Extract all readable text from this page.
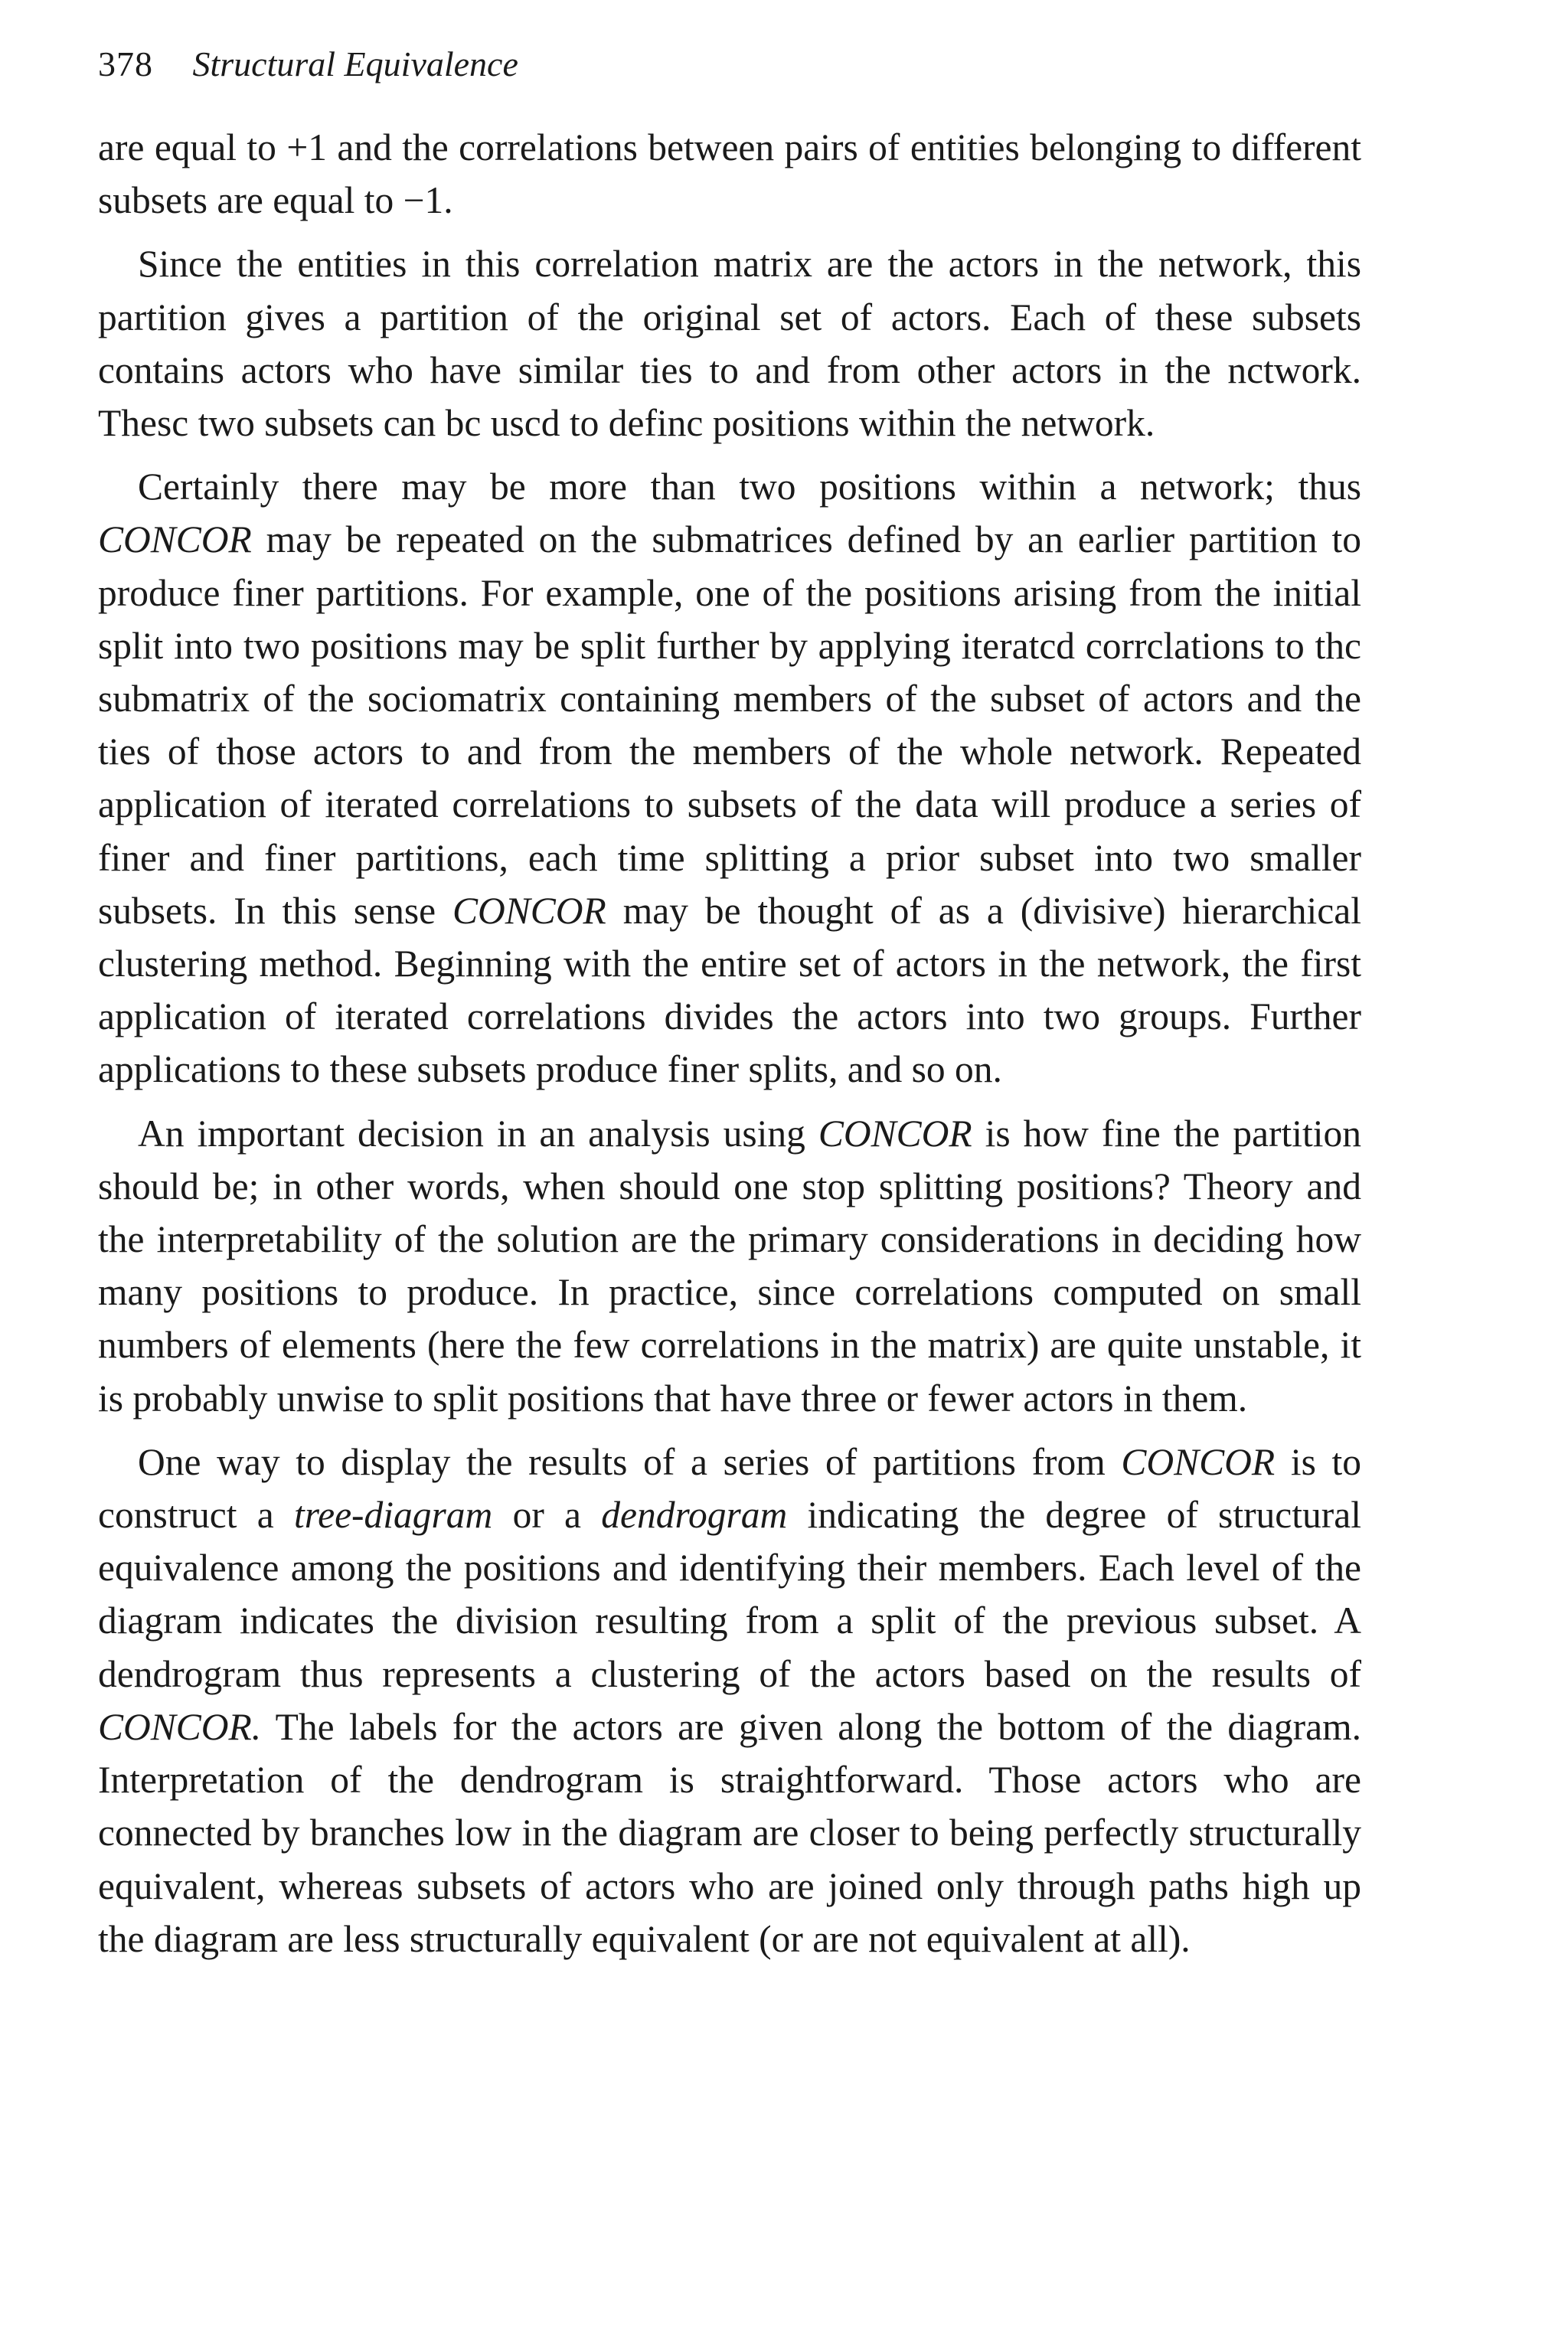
378 Structural Equivalence

are equal to +1 and the correlations between pairs of entities belonging to different subsets are equal to −1.

Since the entities in this correlation matrix are the actors in the network, this partition gives a partition of the original set of actors. Each of these subsets contains actors who have similar ties to and from other actors in the nctwork. Thesc two subsets can bc uscd to definc positions within the network.

Certainly there may be more than two positions within a network; thus CONCOR may be repeated on the submatrices defined by an earlier partition to produce finer partitions. For example, one of the positions arising from the initial split into two positions may be split further by applying iteratcd corrclations to thc submatrix of the sociomatrix containing members of the subset of actors and the ties of those actors to and from the members of the whole network. Repeated application of iterated correlations to subsets of the data will produce a series of finer and finer partitions, each time splitting a prior subset into two smaller subsets. In this sense CONCOR may be thought of as a (divisive) hierarchical clustering method. Beginning with the entire set of actors in the network, the first application of iterated correlations divides the actors into two groups. Further applications to these subsets produce finer splits, and so on.

An important decision in an analysis using CONCOR is how fine the partition should be; in other words, when should one stop splitting positions? Theory and the interpretability of the solution are the primary considerations in deciding how many positions to produce. In practice, since correlations computed on small numbers of elements (here the few correlations in the matrix) are quite unstable, it is probably unwise to split positions that have three or fewer actors in them.

One way to display the results of a series of partitions from CONCOR is to construct a tree-diagram or a dendrogram indicating the degree of structural equivalence among the positions and identifying their members. Each level of the diagram indicates the division resulting from a split of the previous subset. A dendrogram thus represents a clustering of the actors based on the results of CONCOR. The labels for the actors are given along the bottom of the diagram. Interpretation of the dendrogram is straightforward. Those actors who are connected by branches low in the diagram are closer to being perfectly structurally equivalent, whereas subsets of actors who are joined only through paths high up the diagram are less structurally equivalent (or are not equivalent at all).
